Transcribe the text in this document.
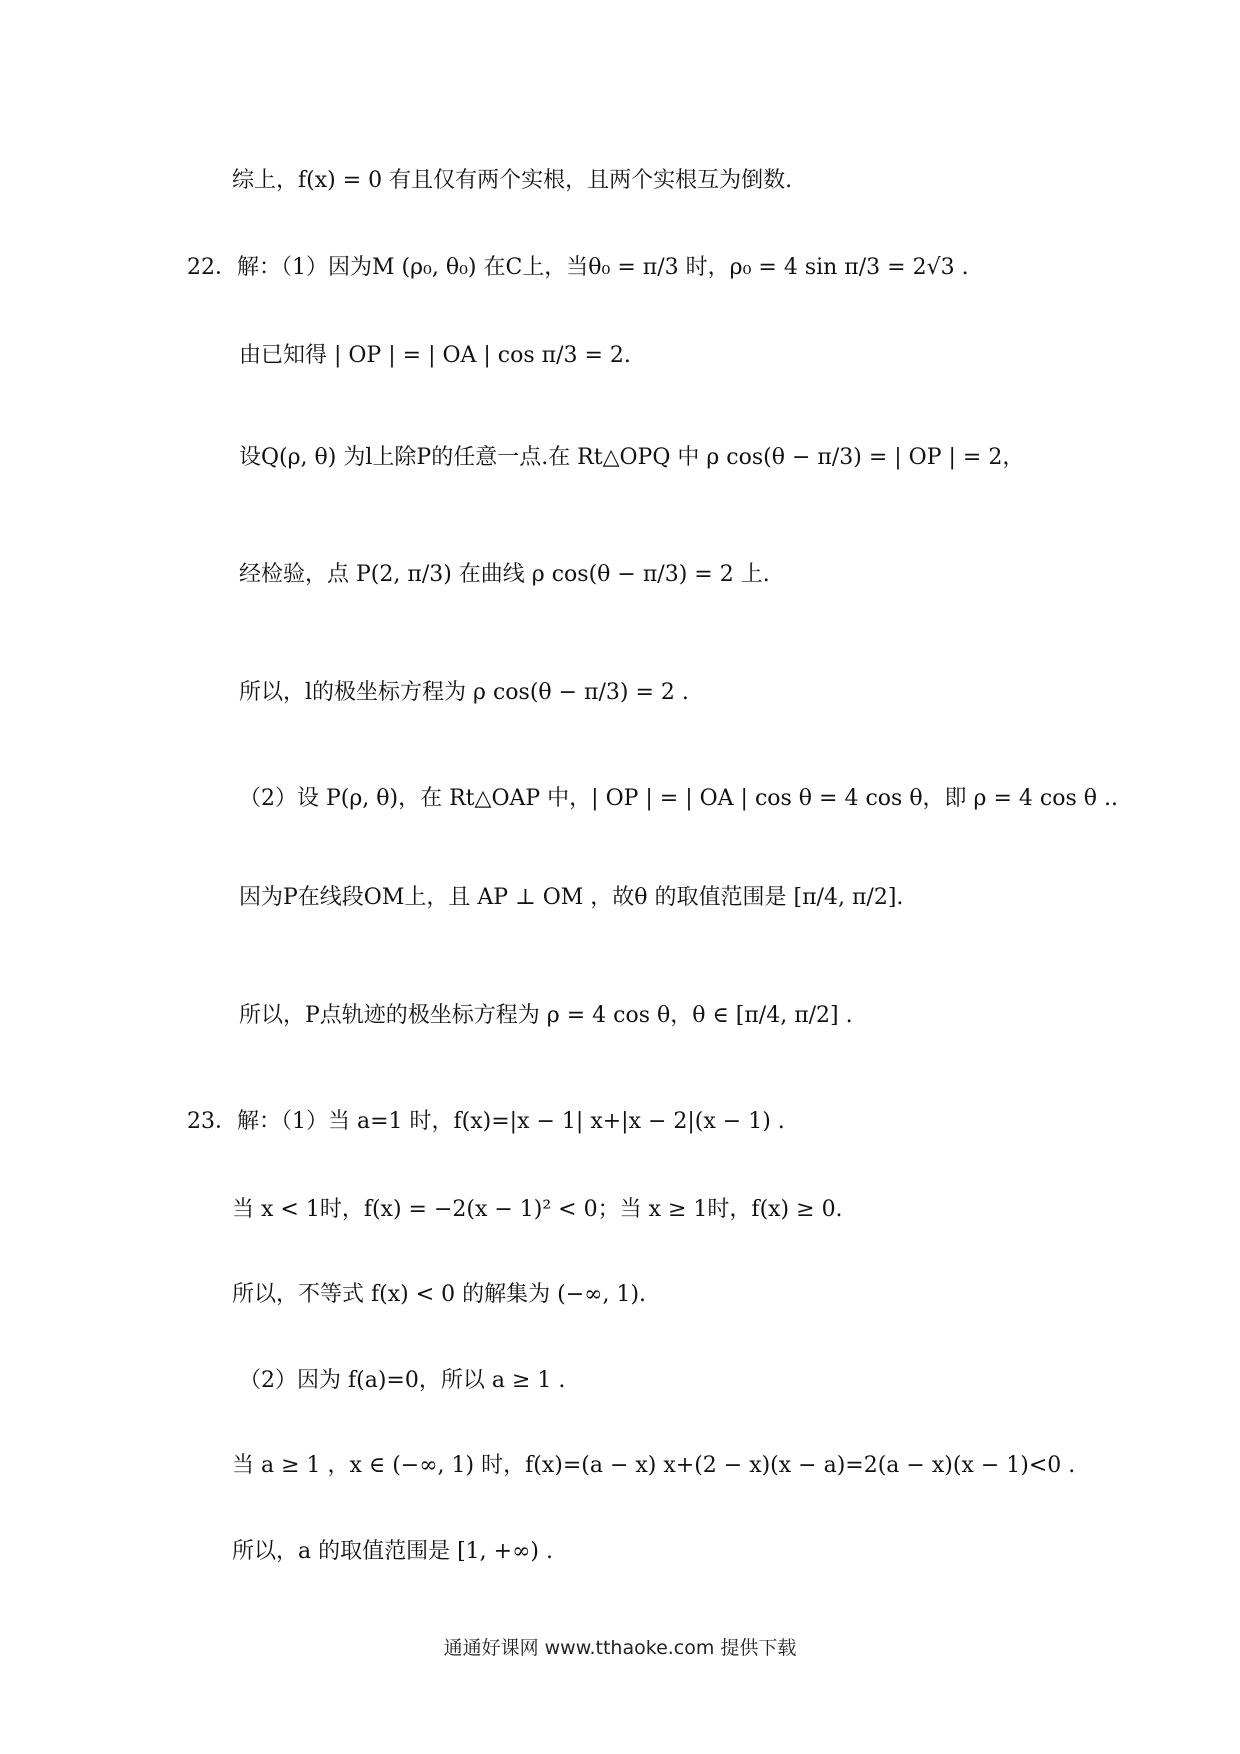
综上，f(x) = 0 有且仅有两个实根，且两个实根互为倒数.
22．解：（1）因为M (ρ₀, θ₀) 在C上，当θ₀ = π/3 时，ρ₀ = 4 sin π/3 = 2√3 .
由已知得 | OP | = | OA | cos π/3 = 2.
设Q(ρ, θ) 为l上除P的任意一点.在 Rt△OPQ 中 ρ cos(θ − π/3) = | OP | = 2，
经检验，点 P(2, π/3) 在曲线 ρ cos(θ − π/3) = 2 上.
所以，l的极坐标方程为 ρ cos(θ − π/3) = 2 .
（2）设 P(ρ, θ)，在 Rt△OAP 中，| OP | = | OA | cos θ = 4 cos θ，即 ρ = 4 cos θ ..
因为P在线段OM上，且 AP ⊥ OM ，故θ 的取值范围是 [π/4, π/2].
所以，P点轨迹的极坐标方程为 ρ = 4 cos θ，θ ∈ [π/4, π/2] .
23．解：（1）当 a=1 时，f(x)=|x − 1| x+|x − 2|(x − 1) .
当 x < 1时，f(x) = −2(x − 1)² < 0；当 x ≥ 1时，f(x) ≥ 0.
所以，不等式 f(x) < 0 的解集为 (−∞, 1).
（2）因为 f(a)=0，所以 a ≥ 1 .
当 a ≥ 1 ，x ∈ (−∞, 1) 时，f(x)=(a − x) x+(2 − x)(x − a)=2(a − x)(x − 1)<0 .
所以，a 的取值范围是 [1, +∞) .
通通好课网 www.tthaoke.com 提供下载
